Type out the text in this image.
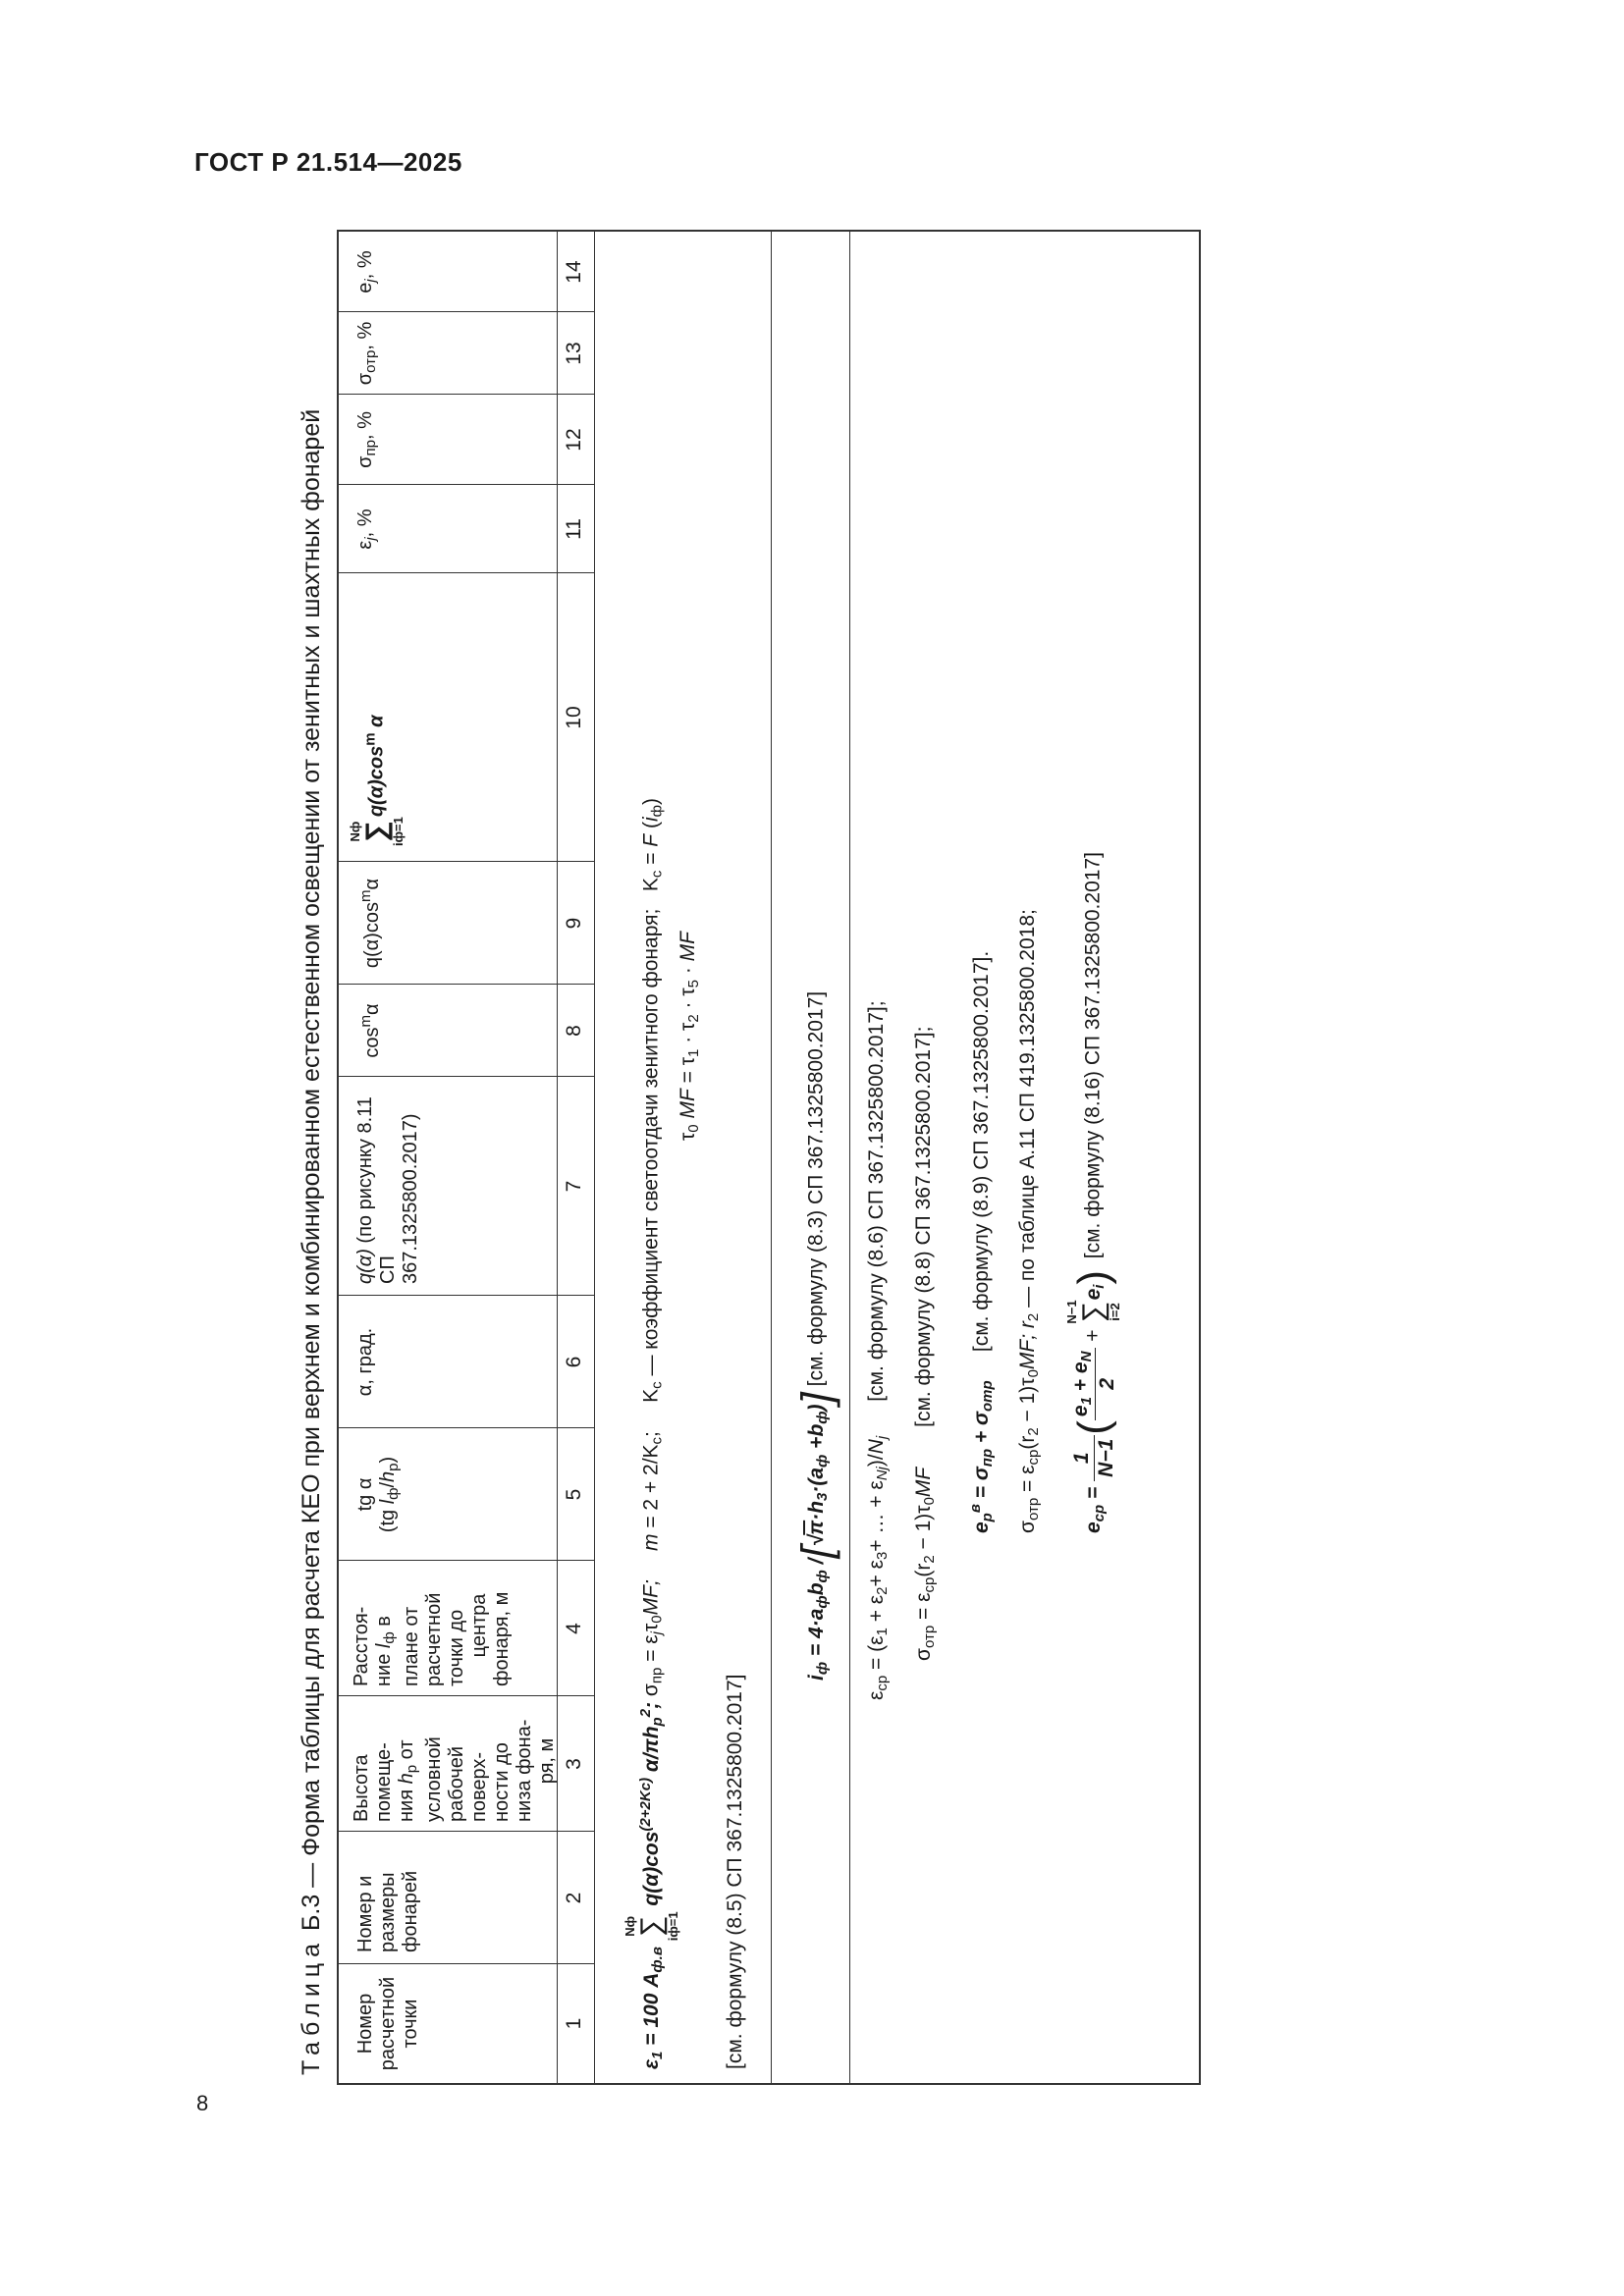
ГОСТ Р 21.514—2025
Таблица Б.3 — Форма таблицы для расчета КЕО при верхнем и комбинированном естественном освещении от зенитных и шахтных фонарей
Номер расчетной точки
Номер и размеры фонарей
Высота помеще- ния $h_р$ от условной рабочей поверх- ности до низа фона- ря, м
Расстоя- ние $l_ф$ в плане от расчетной точки до центра фонаря, м
tg α
(tg $l_ф/h_р$)
α, град.
q(α) (по рисунку 8.11
СП 367.1325800.2017)
$\cos^m\alpha$
$q(\alpha)\cos^m\alpha$
Nф
∑
iф=1
$q(\alpha)\cos^m$ α
$\varepsilon_j$, %
$\sigma_{пр}$, %
$\sigma_{отр}$, %
$e_j$, %
1
2
3
4
5
6
7
8
9
10
11
12
13
14
$\varepsilon_1 = 100$ $A_{ф.в}$
Nф
∑
iф=1
$q(\alpha)\cos^{(2+2Kc)}$ $\alpha/\pi h_p^2$; $\sigma_{пр} = \varepsilon_j\tau_0MF$;     $m = 2 + 2/K_c$;     $K_c$ — коэффициент светоотдачи зенитного фонаря;   $K_c = F$ $(i_ф)$
$\tau_0$ MF = $\tau_1 \cdot \tau_2 \cdot \tau_5$ · MF
[см. формулу (8.5) СП 367.1325800.2017]	$i_ф = 4\cdot a_фb_ф$ $/[√\pi\cdot h_3\cdot(a_ф +b_ф)]$ [см. формулу (8.3) СП 367.1325800.2017]
$\varepsilon_{ср} = (\varepsilon_1 + \varepsilon_2+ \varepsilon_3+$ … + $\varepsilon_{Nj})/N_j$      [см. формулу (8.6) СП 367.1325800.2017];
$\sigma_{отр} = \varepsilon_{ср}(r_2 - 1)\tau_0MF$       [см. формулу (8.8) СП 367.1325800.2017];
$e_р^в = \sigma_{пр} + \sigma_{отр}$     [см. формулу (8.9) СП 367.1325800.2017].
$\sigma_{отр} = \varepsilon_{ср}(r_2 - 1)\tau_0MF$; $r_2$ — по таблице А.11 СП 419.1325800.2018;
$e_{ср}$ =
1 N−1
(
$e_1 + e_N$
2
+
N−1
∑
i=2
$e_i$)  [см. формулу (8.16) СП 367.1325800.2017]
8
